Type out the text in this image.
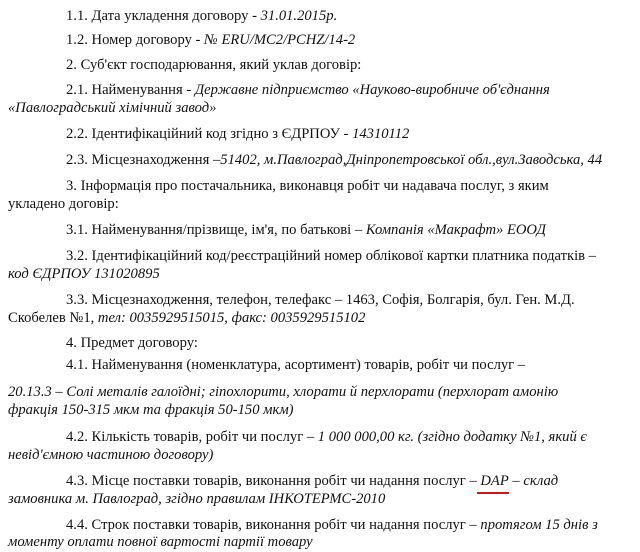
1.1. Дата укладення договору - 31.01.2015р.
1.2. Номер договору - № ERU/MC2/PCHZ/14-2
2. Суб'єкт господарювання, який уклав договір:
2.1. Найменування - Державне підприємство «Науково-виробниче об'єднання
«Павлоградський хімічний завод»
2.2. Ідентифікаційний код згідно з ЄДРПОУ - 14310112
2.3. Місцезнаходження –51402, м.Павлоград,Дніпропетровської обл.,вул.Заводська, 44
3. Інформація про постачальника, виконавця робіт чи надавача послуг, з яким
укладено договір:
3.1. Найменування/прізвище, ім'я, по батькові – Компанія «Макрафт» ЕООД
3.2. Ідентифікаційний код/реєстраційний номер облікової картки платника податків –
код ЄДРПОУ 131020895
3.3. Місцезнаходження, телефон, телефакс – 1463, Софія, Болгарія, бул. Ген. М.Д.
Скобелев №1, тел: 0035929515015, факс: 0035929515102
4. Предмет договору:
4.1. Найменування (номенклатура, асортимент) товарів, робіт чи послуг –
20.13.3 – Солі металів галоїдні; гіпохлорити, хлорати й перхлорати (перхлорат амонію
фракція 150-315 мкм та фракція 50-150 мкм)
4.2. Кількість товарів, робіт чи послуг – 1 000 000,00 кг. (згідно додатку №1, який є
невід'ємною частиною договору)
4.3. Місце поставки товарів, виконання робіт чи надання послуг – DAP
– склад
замовника м. Павлоград, згідно правилам ІНКОТЕРМС-2010
4.4. Строк поставки товарів, виконання робіт чи надання послуг – протягом 15 днів з
моменту оплати повної вартості партії товару
